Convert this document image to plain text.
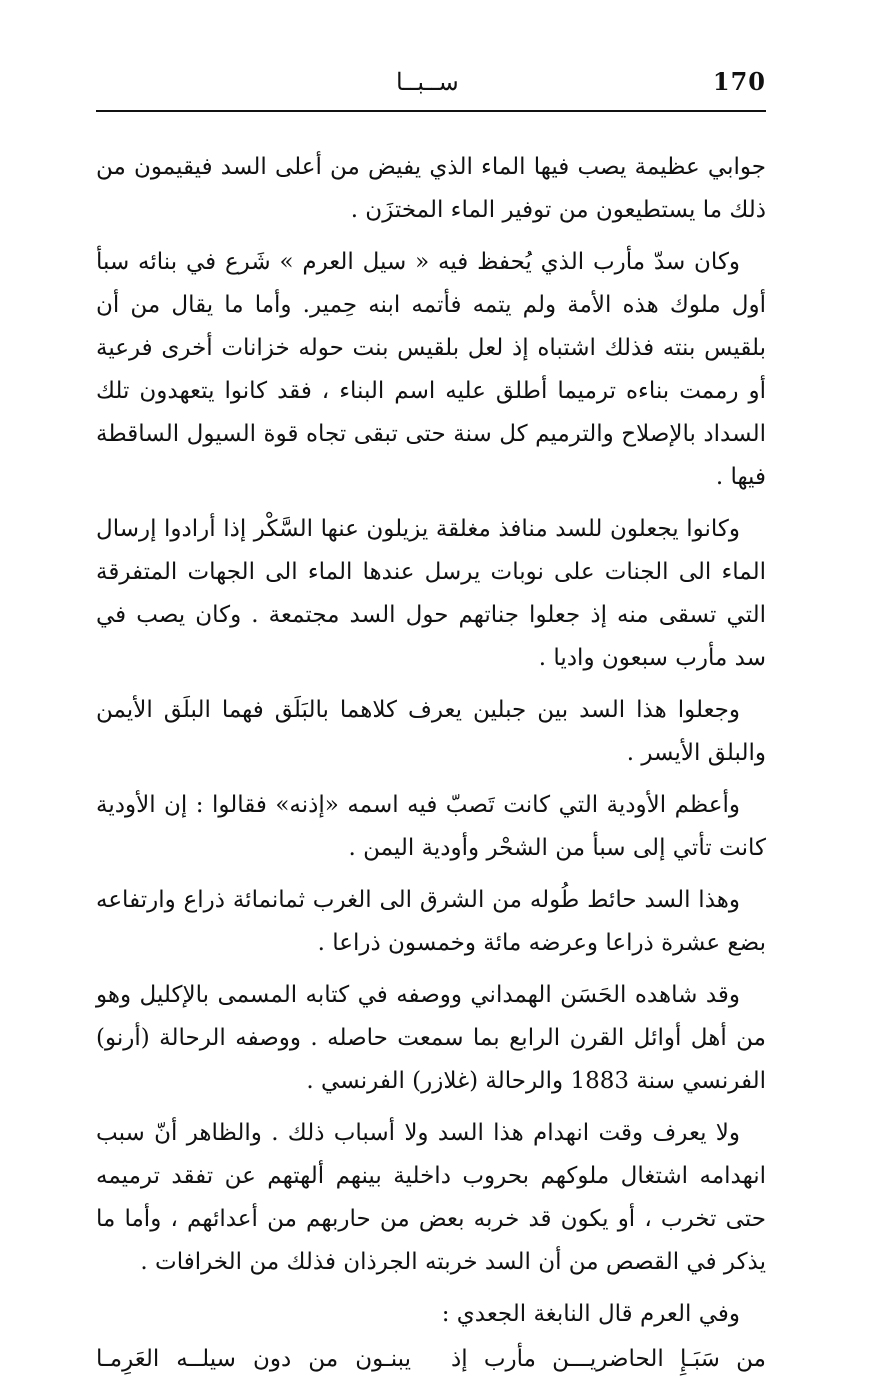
170
ســبــا

جوابي عظيمة يصب فيها الماء الذي يفيض من أعلى السد فيقيمون من ذلك ما يستطيعون من توفير الماء المختزَن .

وكان سدّ مأرب الذي يُحفظ فيه « سيل العرم » شَرع في بنائه سبأ أول ملوك هذه الأمة ولم يتمه فأتمه ابنه حِمير. وأما ما يقال من أن بلقيس بنته فذلك اشتباه إذ لعل بلقيس بنت حوله خزانات أخرى فرعية أو رممت بناءه ترميما أطلق عليه اسم البناء ، فقد كانوا يتعهدون تلك السداد بالإصلاح والترميم كل سنة حتى تبقى تجاه قوة السيول الساقطة فيها .

وكانوا يجعلون للسد منافذ مغلقة يزيلون عنها السَّكْر إذا أرادوا إرسال الماء الى الجنات على نوبات يرسل عندها الماء الى الجهات المتفرقة التي تسقى منه إذ جعلوا جناتهم حول السد مجتمعة . وكان يصب في سد مأرب سبعون واديا .

وجعلوا هذا السد بين جبلين يعرف كلاهما بالبَلَق فهما البلَق الأيمن والبلق الأيسر .

وأعظم الأودية التي كانت تَصبّ فيه اسمه «إذنه» فقالوا : إن الأودية كانت تأتي إلى سبأ من الشحْر وأودية اليمن .

وهذا السد حائط طُوله من الشرق الى الغرب ثمانمائة ذراع وارتفاعه بضع عشرة ذراعا وعرضه مائة وخمسون ذراعا .

وقد شاهده الحَسَن الهمداني ووصفه في كتابه المسمى بالإكليل وهو من أهل أوائل القرن الرابع بما سمعت حاصله . ووصفه الرحالة (أرنو) الفرنسي سنة 1883 والرحالة (غلازر) الفرنسي .

ولا يعرف وقت انهدام هذا السد ولا أسباب ذلك . والظاهر أنّ سبب انهدامه اشتغال ملوكهم بحروب داخلية بينهم ألهتهم عن تفقد ترميمه حتى تخرب ، أو يكون قد خربه بعض من حاربهم من أعدائهم ، وأما ما يذكر في القصص من أن السد خربته الجرذان فذلك من الخرافات .

وفي العرم قال النابغة الجعدي :

من سَبَـإِ الحاضريـــن مأرب إذ
يبنـون من دون سيلــه العَرِمـا
